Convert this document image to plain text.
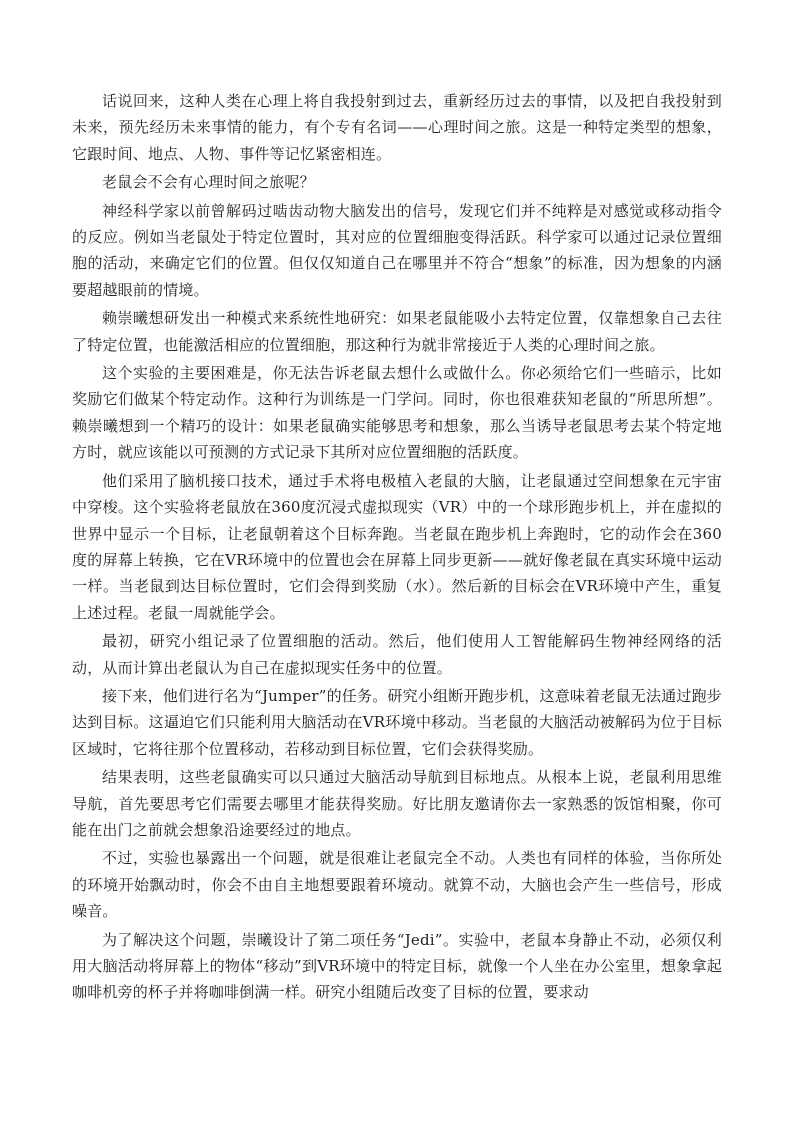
话说回来，这种人类在心理上将自我投射到过去，重新经历过去的事情，以及把自我投射到未来，预先经历未来事情的能力，有个专有名词——心理时间之旅。这是一种特定类型的想象，它跟时间、地点、人物、事件等记忆紧密相连。

老鼠会不会有心理时间之旅呢？

神经科学家以前曾解码过啮齿动物大脑发出的信号，发现它们并不纯粹是对感觉或移动指令的反应。例如当老鼠处于特定位置时，其对应的位置细胞变得活跃。科学家可以通过记录位置细胞的活动，来确定它们的位置。但仅仅知道自己在哪里并不符合“想象”的标准，因为想象的内涵要超越眼前的情境。

赖崇曦想研发出一种模式来系统性地研究：如果老鼠能吸小去特定位置，仅靠想象自己去往了特定位置，也能激活相应的位置细胞，那这种行为就非常接近于人类的心理时间之旅。

这个实验的主要困难是，你无法告诉老鼠去想什么或做什么。你必须给它们一些暗示，比如奖励它们做某个特定动作。这种行为训练是一门学问。同时，你也很难获知老鼠的“所思所想”。赖崇曦想到一个精巧的设计：如果老鼠确实能够思考和想象，那么当诱导老鼠思考去某个特定地方时，就应该能以可预测的方式记录下其所对应位置细胞的活跃度。

他们采用了脑机接口技术，通过手术将电极植入老鼠的大脑，让老鼠通过空间想象在元宇宙中穿梭。这个实验将老鼠放在360度沉浸式虚拟现实（VR）中的一个球形跑步机上，并在虚拟的世界中显示一个目标，让老鼠朝着这个目标奔跑。当老鼠在跑步机上奔跑时，它的动作会在360度的屏幕上转换，它在VR环境中的位置也会在屏幕上同步更新——就好像老鼠在真实环境中运动一样。当老鼠到达目标位置时，它们会得到奖励（水）。然后新的目标会在VR环境中产生，重复上述过程。老鼠一周就能学会。

最初，研究小组记录了位置细胞的活动。然后，他们使用人工智能解码生物神经网络的活动，从而计算出老鼠认为自己在虚拟现实任务中的位置。

接下来，他们进行名为“Jumper”的任务。研究小组断开跑步机，这意味着老鼠无法通过跑步达到目标。这逼迫它们只能利用大脑活动在VR环境中移动。当老鼠的大脑活动被解码为位于目标区域时，它将往那个位置移动，若移动到目标位置，它们会获得奖励。

结果表明，这些老鼠确实可以只通过大脑活动导航到目标地点。从根本上说，老鼠利用思维导航，首先要思考它们需要去哪里才能获得奖励。好比朋友邀请你去一家熟悉的饭馆相聚，你可能在出门之前就会想象沿途要经过的地点。

不过，实验也暴露出一个问题，就是很难让老鼠完全不动。人类也有同样的体验，当你所处的环境开始飘动时，你会不由自主地想要跟着环境动。就算不动，大脑也会产生一些信号，形成噪音。

为了解决这个问题，崇曦设计了第二项任务“Jedi”。实验中，老鼠本身静止不动，必须仅利用大脑活动将屏幕上的物体“移动”到VR环境中的特定目标，就像一个人坐在办公室里，想象拿起咖啡机旁的杯子并将咖啡倒满一样。研究小组随后改变了目标的位置，要求动
